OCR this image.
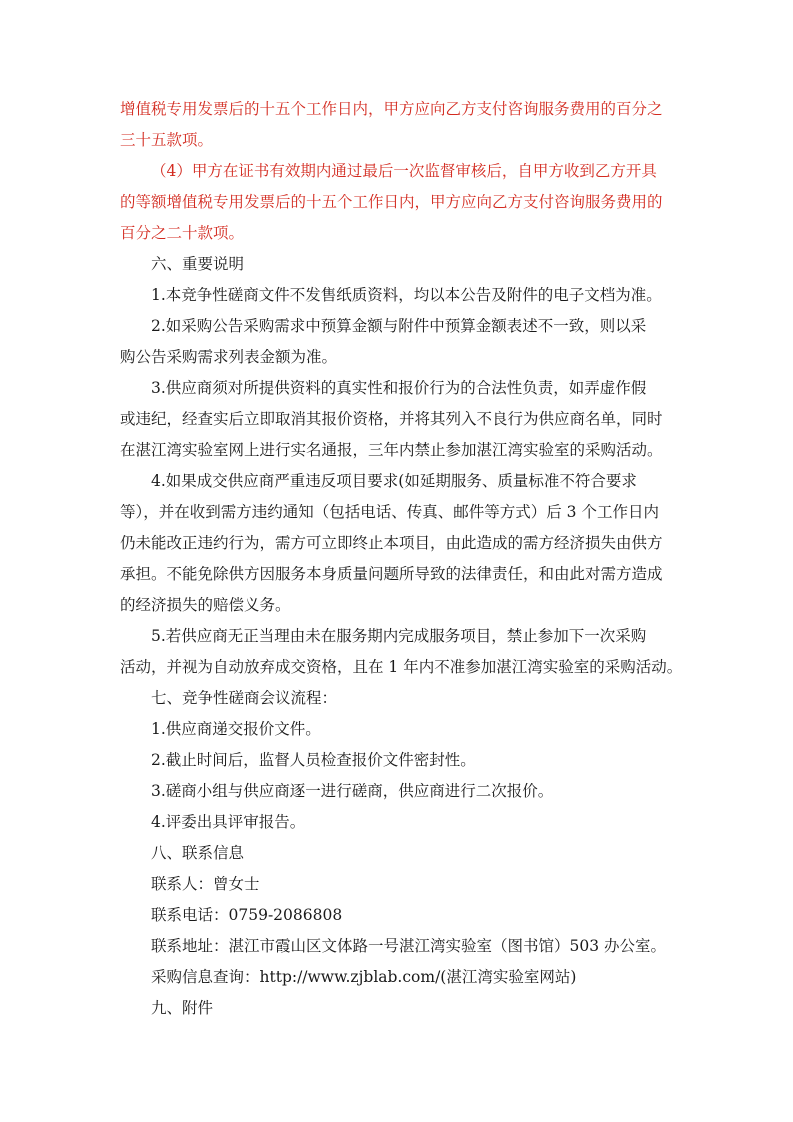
增值税专用发票后的十五个工作日内，甲方应向乙方支付咨询服务费用的百分之
三十五款项。
（4）甲方在证书有效期内通过最后一次监督审核后，自甲方收到乙方开具
的等额增值税专用发票后的十五个工作日内，甲方应向乙方支付咨询服务费用的
百分之二十款项。
六、重要说明
1.本竞争性磋商文件不发售纸质资料，均以本公告及附件的电子文档为准。
2.如采购公告采购需求中预算金额与附件中预算金额表述不一致，则以采
购公告采购需求列表金额为准。
3.供应商须对所提供资料的真实性和报价行为的合法性负责，如弄虚作假
或违纪，经查实后立即取消其报价资格，并将其列入不良行为供应商名单，同时
在湛江湾实验室网上进行实名通报，三年内禁止参加湛江湾实验室的采购活动。
4.如果成交供应商严重违反项目要求(如延期服务、质量标准不符合要求
等），并在收到需方违约通知（包括电话、传真、邮件等方式）后 3 个工作日内
仍未能改正违约行为，需方可立即终止本项目，由此造成的需方经济损失由供方
承担。不能免除供方因服务本身质量问题所导致的法律责任，和由此对需方造成
的经济损失的赔偿义务。
5.若供应商无正当理由未在服务期内完成服务项目，禁止参加下一次采购
活动，并视为自动放弃成交资格，且在 1 年内不准参加湛江湾实验室的采购活动。
七、竞争性磋商会议流程：
1.供应商递交报价文件。
2.截止时间后，监督人员检查报价文件密封性。
3.磋商小组与供应商逐一进行磋商，供应商进行二次报价。
4.评委出具评审报告。
八、联系信息
联系人：曾女士
联系电话：0759-2086808
联系地址：湛江市霞山区文体路一号湛江湾实验室（图书馆）503 办公室。
采购信息查询：http://www.zjblab.com/(湛江湾实验室网站)
九、附件
